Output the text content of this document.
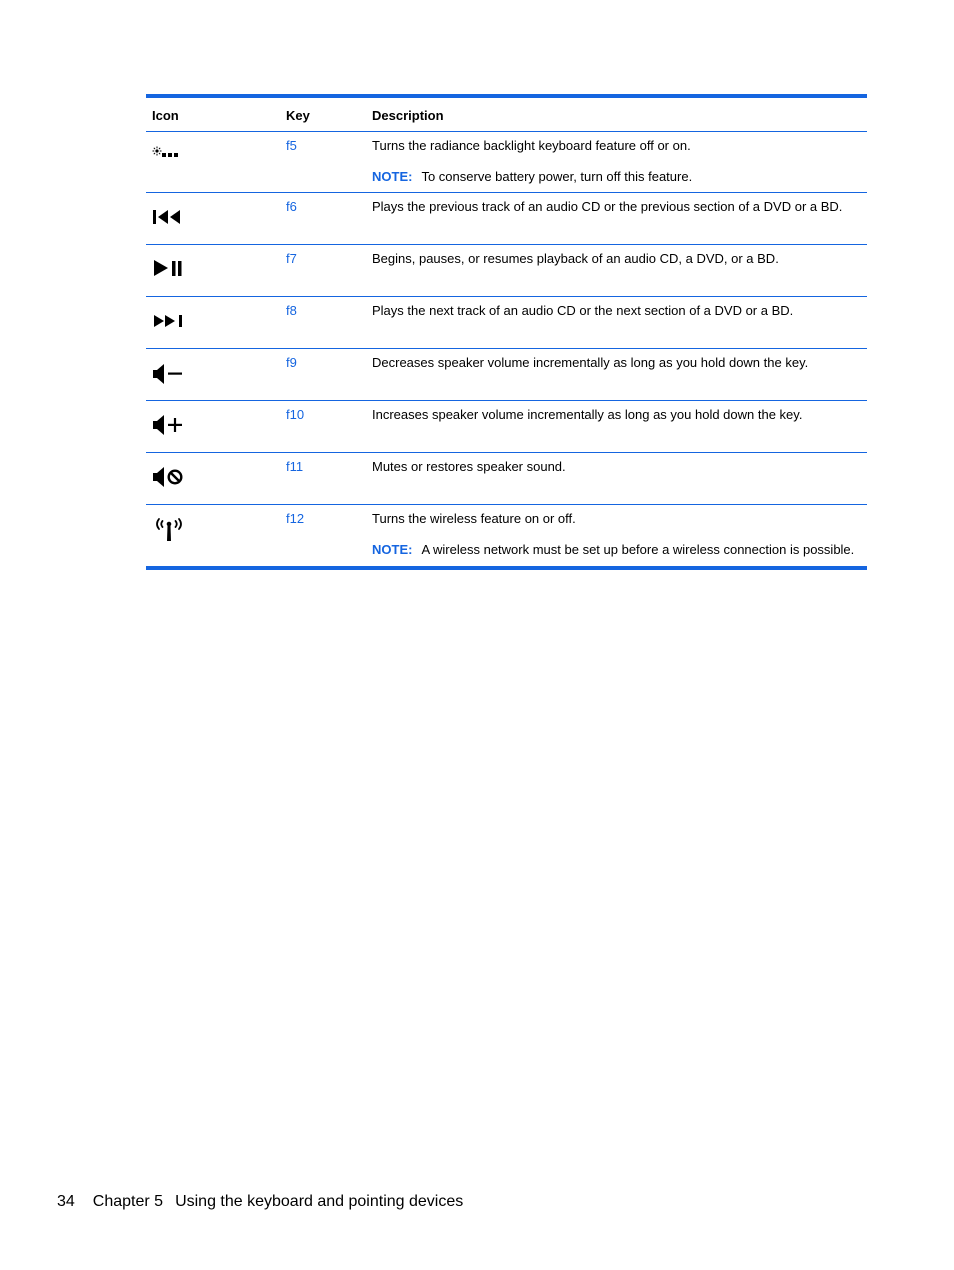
Icon	Key	Description
f5	Turns the radiance backlight keyboard feature off or on.
NOTE: To conserve battery power, turn off this feature.
f6	Plays the previous track of an audio CD or the previous section of a DVD or a BD.
f7	Begins, pauses, or resumes playback of an audio CD, a DVD, or a BD.
f8	Plays the next track of an audio CD or the next section of a DVD or a BD.
f9	Decreases speaker volume incrementally as long as you hold down the key.
f10	Increases speaker volume incrementally as long as you hold down the key.
f11	Mutes or restores speaker sound.
f12	Turns the wireless feature on or off.
NOTE: A wireless network must be set up before a wireless connection is possible.
34 Chapter 5 Using the keyboard and pointing devices
